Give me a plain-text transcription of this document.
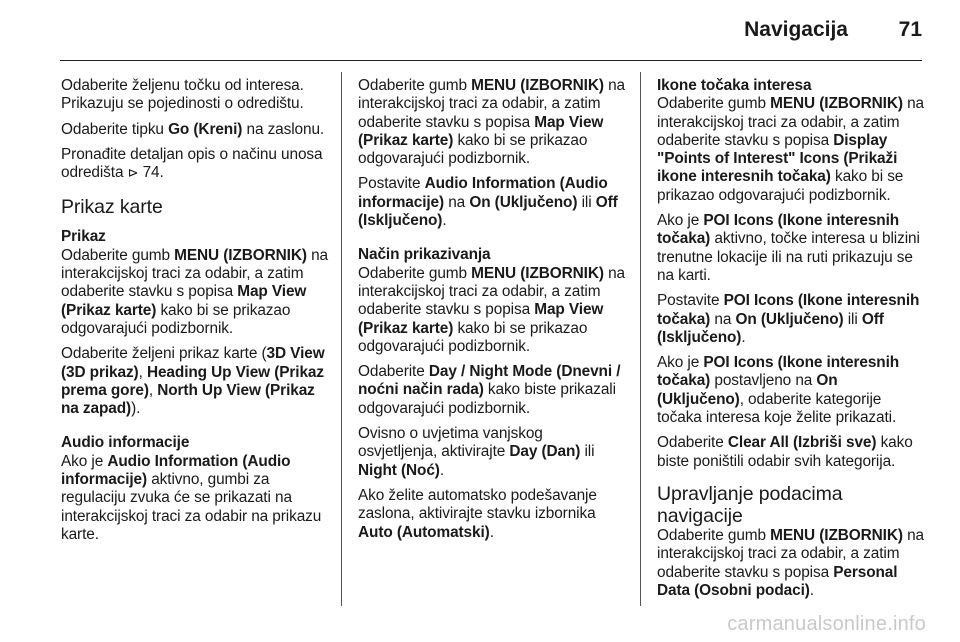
Navigacija 71

Odaberite željenu točku od interesa. Prikazuju se pojedinosti o odredištu.

Odaberite tipku Go (Kreni) na zaslonu.

Pronađite detaljan opis o načinu unosa odredišta ⊳ 74.

Prikaz karte

Prikaz

Odaberite gumb MENU (IZBORNIK) na interakcijskoj traci za odabir, a zatim odaberite stavku s popisa Map View (Prikaz karte) kako bi se prikazao odgovarajući podizbornik.

Odaberite željeni prikaz karte (3D View (3D prikaz), Heading Up View (Prikaz prema gore), North Up View (Prikaz na zapad)).

Audio informacije

Ako je Audio Information (Audio informacije) aktivno, gumbi za regulaciju zvuka će se prikazati na interakcijskoj traci za odabir na prikazu karte.

Odaberite gumb MENU (IZBORNIK) na interakcijskoj traci za odabir, a zatim odaberite stavku s popisa Map View (Prikaz karte) kako bi se prikazao odgovarajući podizbornik.

Postavite Audio Information (Audio informacije) na On (Uključeno) ili Off (Isključeno).

Način prikazivanja

Odaberite gumb MENU (IZBORNIK) na interakcijskoj traci za odabir, a zatim odaberite stavku s popisa Map View (Prikaz karte) kako bi se prikazao odgovarajući podizbornik.

Odaberite Day / Night Mode (Dnevni / noćni način rada) kako biste prikazali odgovarajući podizbornik.

Ovisno o uvjetima vanjskog osvjetljenja, aktivirajte Day (Dan) ili Night (Noć).

Ako želite automatsko podešavanje zaslona, aktivirajte stavku izbornika Auto (Automatski).

Ikone točaka interesa

Odaberite gumb MENU (IZBORNIK) na interakcijskoj traci za odabir, a zatim odaberite stavku s popisa Display "Points of Interest" Icons (Prikaži ikone interesnih točaka) kako bi se prikazao odgovarajući podizbornik.

Ako je POI Icons (Ikone interesnih točaka) aktivno, točke interesa u blizini trenutne lokacije ili na ruti prikazuju se na karti.

Postavite POI Icons (Ikone interesnih točaka) na On (Uključeno) ili Off (Isključeno).

Ako je POI Icons (Ikone interesnih točaka) postavljeno na On (Uključeno), odaberite kategorije točaka interesa koje želite prikazati.

Odaberite Clear All (Izbriši sve) kako biste poništili odabir svih kategorija.

Upravljanje podacima navigacije

Odaberite gumb MENU (IZBORNIK) na interakcijskoj traci za odabir, a zatim odaberite stavku s popisa Personal Data (Osobni podaci).

carmanualsonline.info
